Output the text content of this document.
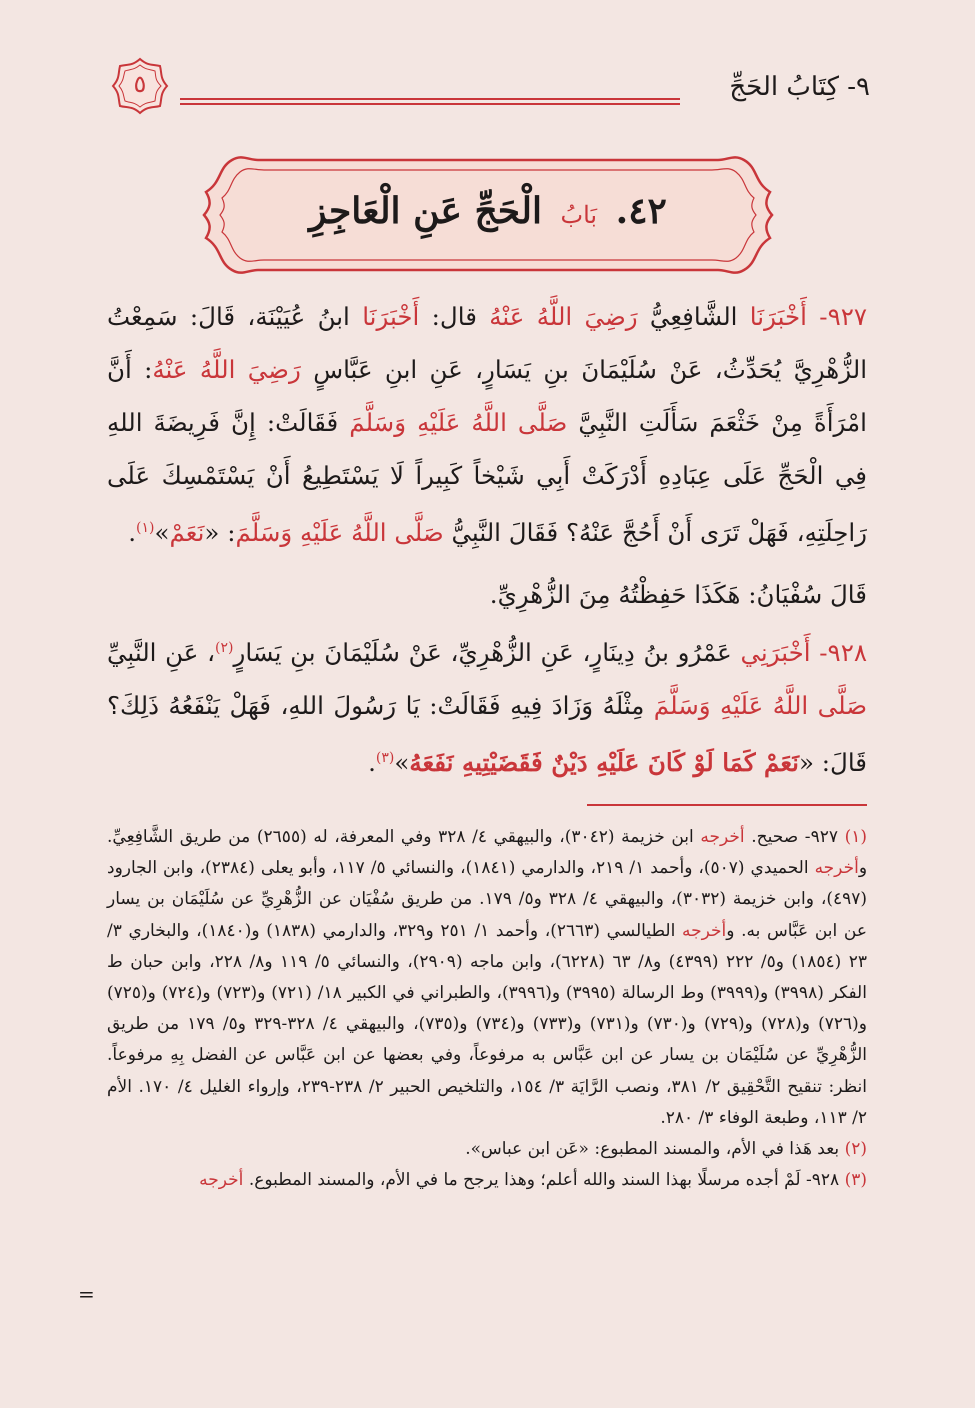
٩- كِتَابُ الحَجِّ
٥
٤٢. بَابُ الْحَجِّ عَنِ الْعَاجِزِ
٩٢٧- أَخْبَرَنَا الشَّافِعِيُّ رَضِيَ اللَّهُ عَنْهُ قال: أَخْبَرَنَا ابنُ عُيَيْنَة، قَالَ: سَمِعْتُ الزُّهْرِيَّ يُحَدِّثُ، عَنْ سُلَيْمَانَ بنِ يَسَارٍ، عَنِ ابنِ عَبَّاسٍ رَضِيَ اللَّهُ عَنْهُ: أَنَّ امْرَأَةً مِنْ خَثْعَمَ سَأَلَتِ النَّبِيَّ صَلَّى اللَّهُ عَلَيْهِ وَسَلَّمَ فَقَالَتْ: إِنَّ فَرِيضَةَ اللهِ فِي الْحَجِّ عَلَى عِبَادِهِ أَدْرَكَتْ أَبِي شَيْخاً كَبِيراً لَا يَسْتَطِيعُ أَنْ يَسْتَمْسِكَ عَلَى رَاحِلَتِهِ، فَهَلْ تَرَى أَنْ أَحُجَّ عَنْهُ؟ فَقَالَ النَّبِيُّ صَلَّى اللَّهُ عَلَيْهِ وَسَلَّمَ: «نَعَمْ»$^{(١)}$.
قَالَ سُفْيَانُ: هَكَذَا حَفِظْتُهُ مِنَ الزُّهْرِيِّ.
٩٢٨- أَخْبَرَنِي عَمْرُو بنُ دِينَارٍ، عَنِ الزُّهْرِيِّ، عَنْ سُلَيْمَانَ بنِ يَسَارٍ$^{(٢)}$، عَنِ النَّبِيِّ صَلَّى اللَّهُ عَلَيْهِ وَسَلَّمَ مِثْلَهُ وَزَادَ فِيهِ فَقَالَتْ: يَا رَسُولَ اللهِ، فَهَلْ يَنْفَعُهُ ذَلِكَ؟ قَالَ: «نَعَمْ كَمَا لَوْ كَانَ عَلَيْهِ دَيْنٌ فَقَضَيْتِيهِ نَفَعَهُ»$^{(٣)}$.

(١) ٩٢٧- صحيح. أخرجه ابن خزيمة (٣٠٤٢)، والبيهقي ٤/ ٣٢٨ وفي المعرفة، له (٢٦٥٥) من طريق الشَّافِعِيِّ. وأخرجه الحميدي (٥٠٧)، وأحمد ١/ ٢١٩، والدارمي (١٨٤١)، والنسائي ٥/ ١١٧، وأبو يعلى (٢٣٨٤)، وابن الجارود (٤٩٧)، وابن خزيمة (٣٠٣٢)، والبيهقي ٤/ ٣٢٨ و٥/ ١٧٩. من طريق سُفْيَان عن الزُّهْرِيِّ عن سُلَيْمَان بن يسار عن ابن عَبَّاس به. وأخرجه الطيالسي (٢٦٦٣)، وأحمد ١/ ٢٥١ و٣٢٩، والدارمي (١٨٣٨) و(١٨٤٠)، والبخاري ٣/ ٢٣ (١٨٥٤) و٥/ ٢٢٢ (٤٣٩٩) و٨/ ٦٣ (٦٢٢٨)، وابن ماجه (٢٩٠٩)، والنسائي ٥/ ١١٩ و٨/ ٢٢٨، وابن حبان ط الفكر (٣٩٩٨) و(٣٩٩٩) وط الرسالة (٣٩٩٥) و(٣٩٩٦)، والطبراني في الكبير ١٨/ (٧٢١) و(٧٢٣) و(٧٢٤) و(٧٢٥) و(٧٢٦) و(٧٢٨) و(٧٢٩) و(٧٣٠) و(٧٣١) و(٧٣٣) و(٧٣٤) و(٧٣٥)، والبيهقي ٤/ ٣٢٨-٣٢٩ و٥/ ١٧٩ من طريق الزُّهْرِيِّ عن سُلَيْمَان بن يسار عن ابن عَبَّاس به مرفوعاً، وفي بعضها عن ابن عَبَّاس عن الفضل بِهِ مرفوعاً. انظر: تنقيح التَّحْقِيق ٢/ ٣٨١، ونصب الرَّايَة ٣/ ١٥٤، والتلخيص الحبير ٢/ ٢٣٨-٢٣٩، وإرواء الغليل ٤/ ١٧٠. الأم ٢/ ١١٣، وطبعة الوفاء ٣/ ٢٨٠.

(٢) بعد هَذا في الأم، والمسند المطبوع: «عَن ابن عباس».

(٣) ٩٢٨- لَمْ أجده مرسلًا بهذا السند والله أعلم؛ وهذا يرجح ما في الأم، والمسند المطبوع. أخرجه

=
